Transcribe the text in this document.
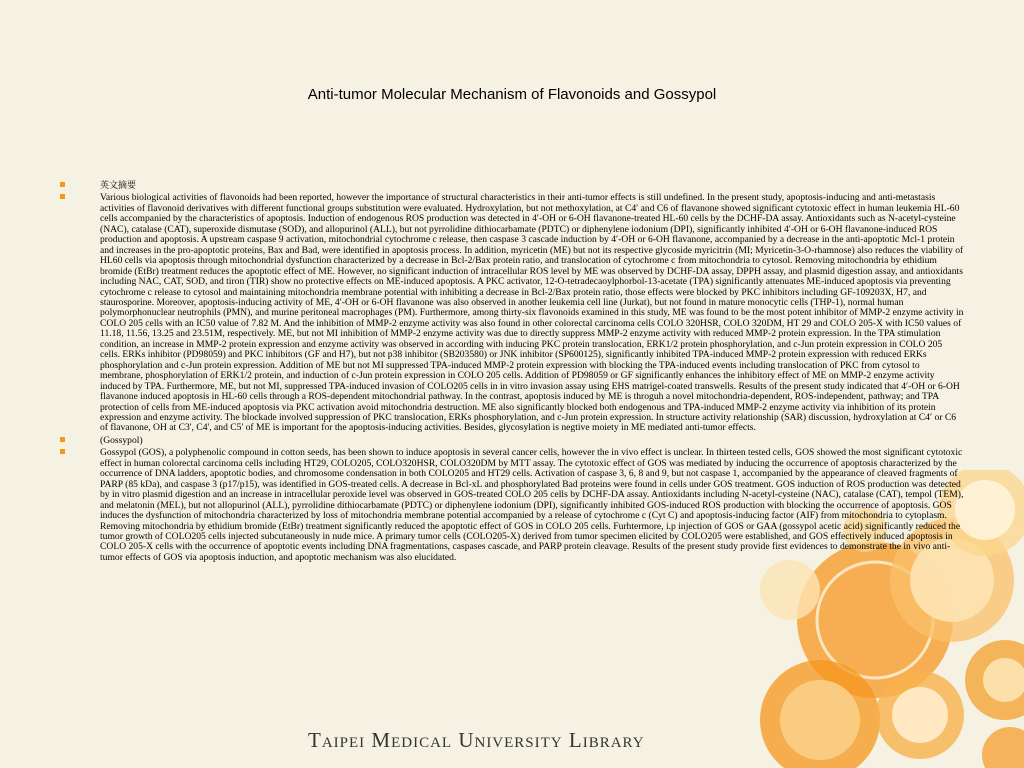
Anti-tumor Molecular Mechanism of Flavonoids and Gossypol
英文摘要
Various biological activities of flavonoids had been reported, however the importance of structural characteristics in their anti-tumor effects is still undefined. In the present study, apoptosis-inducing and anti-metastasis activities of flavonoid derivatives with different functional groups substitution were evaluated. Hydroxylation, but not methoxylation, at C4′ and C6 of flavanone showed significant cytotoxic effect in human leukemia HL-60 cells accompanied by the characteristics of apoptosis. Induction of endogenous ROS production was detected in 4′-OH or 6-OH flavanone-treated HL-60 cells by the DCHF-DA assay. Antioxidants such as N-acetyl-cysteine (NAC), catalase (CAT), superoxide dismutase (SOD), and allopurinol (ALL), but not pyrrolidine dithiocarbamate (PDTC) or diphenylene iodonium (DPI), significantly inhibited 4′-OH or 6-OH flavanone-induced ROS production and apoptosis. A upstream caspase 9 activation, mitochondrial cytochrome c release, then caspase 3 cascade induction by 4′-OH or 6-OH flavanone, accompanied by a decrease in the anti-apoptotic Mcl-1 protein and increases in the pro-apoptotic proteins, Bax and Bad, were identified in apoptosis process. In addition, myricetin (ME) but not its respective glycoside myricitrin (MI; Myricetin-3-O-rhamnose) also reduces the viability of HL60 cells via apoptosis through mitochondrial dysfunction characterized by a decrease in Bcl-2/Bax protein ratio, and translocation of cytochrome c from mitochondria to cytosol. Removing mitochondria by ethidium bromide (EtBr) treatment reduces the apoptotic effect of ME. However, no significant induction of intracellular ROS level by ME was observed by DCHF-DA assay, DPPH assay, and plasmid digestion assay, and antioxidants including NAC, CAT, SOD, and tiron (TIR) show no protective effects on ME-induced apoptosis. A PKC activator, 12-O-tetradecaoylphorbol-13-acetate (TPA) significantly attenuates ME-induced apoptosis via preventing cytochrome c release to cytosol and maintaining mitochondria membrane potential with inhibiting a decrease in Bcl-2/Bax protein ratio, those effects were blocked by PKC inhibitors including GF-109203X, H7, and staurosporine. Moreover, apoptosis-inducing activity of ME, 4′-OH or 6-OH flavanone was also observed in another leukemia cell line (Jurkat), but not found in mature monocytic cells (THP-1), normal human polymorphonuclear neutrophils (PMN), and murine peritoneal macrophages (PM). Furthermore, among thirty-six flavonoids examined in this study, ME was found to be the most potent inhibitor of MMP-2 enzyme activity in COLO 205 cells with an IC50 value of 7.82 M. And the inhibition of MMP-2 enzyme activity was also found in other colorectal carcinoma cells COLO 320HSR, COLO 320DM, HT 29 and COLO 205-X with IC50 values of 11.18, 11.56, 13.25 and 23.51M, respectively. ME, but not MI inhibition of MMP-2 enzyme activity was due to directly suppress MMP-2 enzyme activity with reduced MMP-2 protein expression. In the TPA stimulation condition, an increase in MMP-2 protein expression and enzyme activity was observed in according with inducing PKC protein translocation, ERK1/2 protein phosphorylation, and c-Jun protein expression in COLO 205 cells. ERKs inhibitor (PD98059) and PKC inhibitors (GF and H7), but not p38 inhibitor (SB203580) or JNK inhibitor (SP600125), significantly inhibited TPA-induced MMP-2 protein expression with reduced ERKs phosphorylation and c-Jun protein expression. Addition of ME but not MI suppressed TPA-induced MMP-2 protein expression with blocking the TPA-induced events including translocation of PKC from cytosol to membrane, phosphorylation of ERK1/2 protein, and induction of c-Jun protein expression in COLO 205 cells. Addition of PD98059 or GF significantly enhances the inhibitory effect of ME on MMP-2 enzyme activity induced by TPA. Furthermore, ME, but not MI, suppressed TPA-induced invasion of COLO205 cells in in vitro invasion assay using EHS matrigel-coated transwells. Results of the present study indicated that 4′-OH or 6-OH flavanone induced apoptosis in HL-60 cells through a ROS-dependent mitochondrial pathway. In the contrast, apoptosis induced by ME is throguh a novel mitochondria-dependent, ROS-independent, pathway; and TPA protection of cells from ME-induced apoptosis via PKC activation avoid mitochondria destruction. ME also significantly blocked both endogenous and TPA-induced MMP-2 enzyme activity via inhibition of its protein expression and enzyme activity. The blockade involved suppression of PKC translocation, ERKs phosphorylation, and c-Jun protein expression. In structure activity relationship (SAR) discussion, hydroxylation at C4′ or C6 of flavanone, OH at C3', C4', and C5' of ME is important for the apoptosis-inducing activities. Besides, glycosylation is negtive moiety in ME mediated anti-tumor effects.
(Gossypol)
Gossypol (GOS), a polyphenolic compound in cotton seeds, has been shown to induce apoptosis in several cancer cells, however the in vivo effect is unclear. In thirteen tested cells, GOS showed the most significant cytotoxic effect in human colorectal carcinoma cells including HT29, COLO205, COLO320HSR, COLO320DM by MTT assay. The cytotoxic effect of GOS was mediated by inducing the occurrence of apoptosis characterized by the occurrence of DNA ladders, apoptotic bodies, and chromosome condensation in both COLO205 and HT29 cells. Activation of caspase 3, 6, 8 and 9, but not caspase 1, accompanied by the appearance of cleaved fragments of PARP (85 kDa), and caspase 3 (p17/p15), was identified in GOS-treated cells. A decrease in Bcl-xL and phosphorylated Bad proteins were found in cells under GOS treatment. GOS induction of ROS production was detected by in vitro plasmid digestion and an increase in intracellular peroxide level was observed in GOS-treated COLO 205 cells by DCHF-DA assay. Antioxidants including N-acetyl-cysteine (NAC), catalase (CAT), tempol (TEM), and melatonin (MEL), but not allopurinol (ALL), pyrrolidine dithiocarbamate (PDTC) or diphenylene iodonium (DPI), significantly inhibited GOS-induced ROS production with blocking the occurrence of apoptosis. GOS induces the dysfunction of mitochondria characterized by loss of mitochondria membrane potential accompanied by a release of cytochrome c (Cyt C) and apoptosis-inducing factor (AIF) from mitochondria to cytoplasm. Removing mitochondria by ethidium bromide (EtBr) treatment significantly reduced the apoptotic effect of GOS in COLO 205 cells. Furhtermore, i.p injection of GOS or GAA (gossypol acetic acid) significantly reduced the tumor growth of COLO205 cells injected subcutaneously in nude mice. A primary tumor cells (COLO205-X) derived from tumor specimen elicited by COLO205 were established, and GOS effectively induced apoptosis in COLO 205-X cells with the occurrence of apoptotic events including DNA fragmentations, caspases cascade, and PARP protein cleavage. Results of the present study provide first evidences to demonstrate the in vivo anti-tumor effects of GOS via apoptosis induction, and apoptotic mechanism was also elucidated.
Taipei Medical University Library
